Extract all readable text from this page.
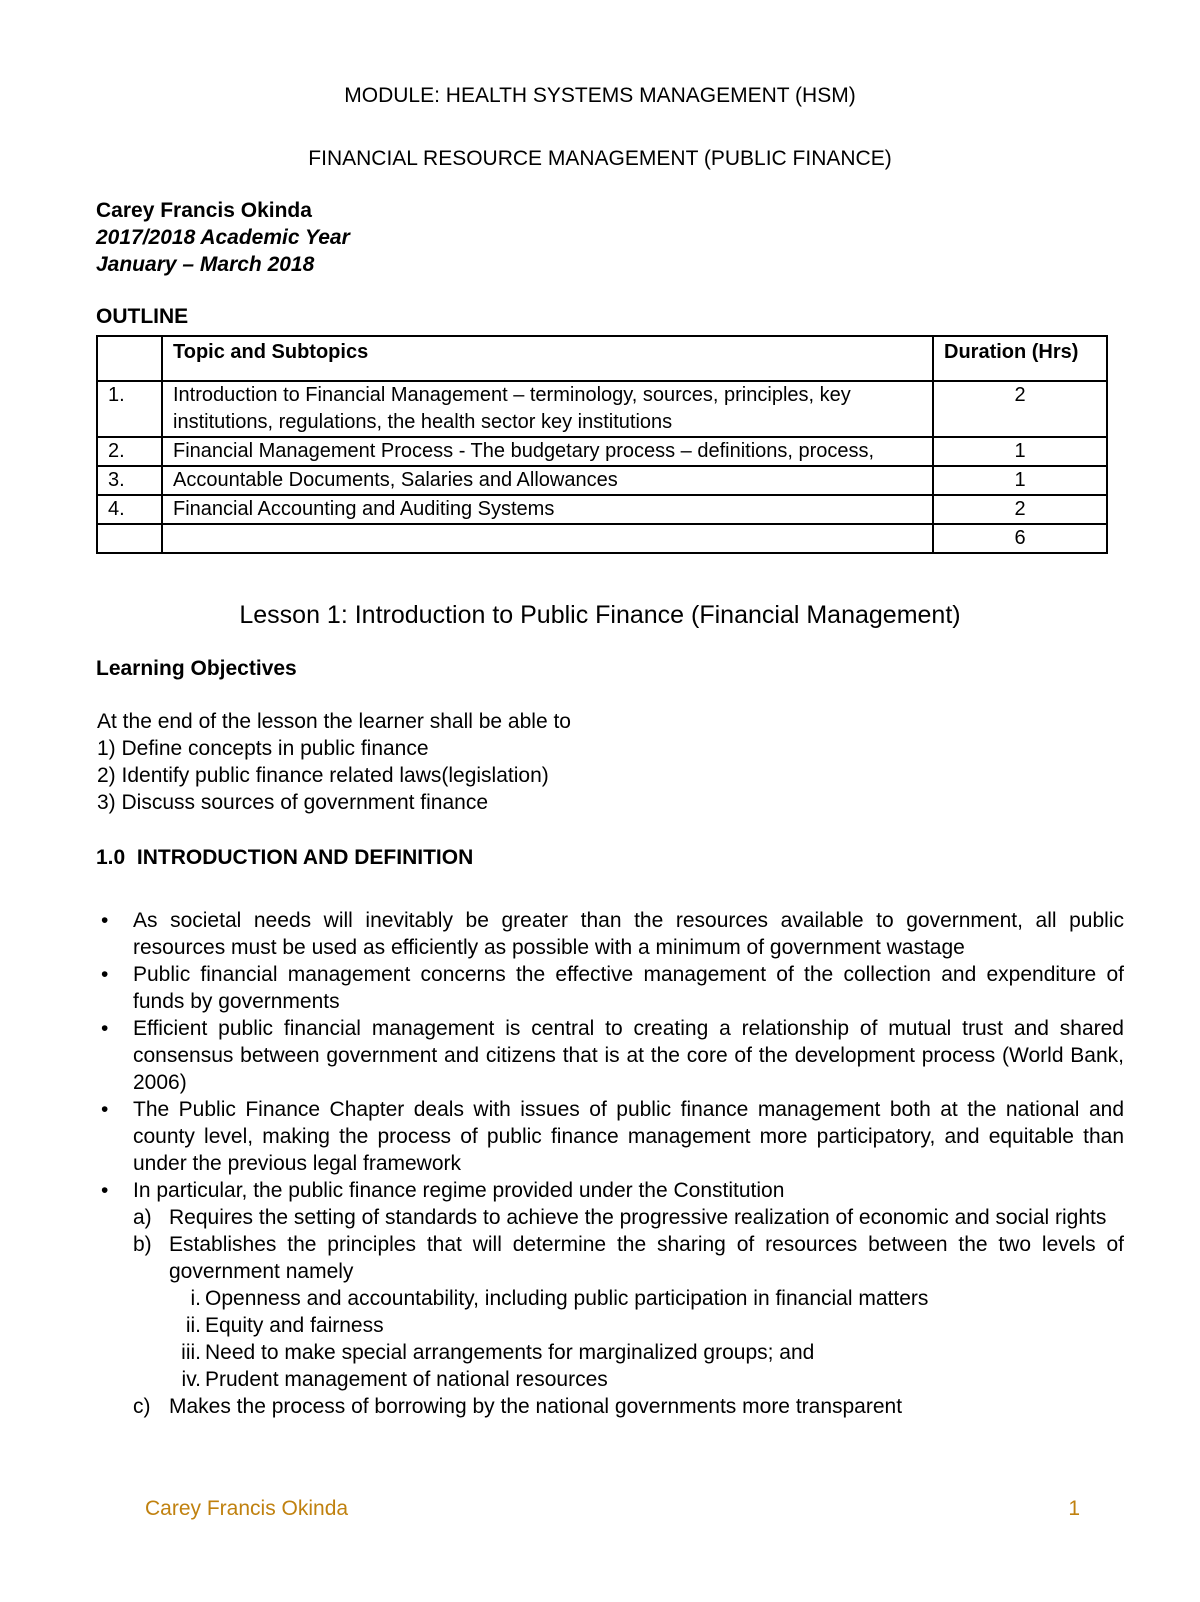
MODULE: HEALTH SYSTEMS MANAGEMENT (HSM)
FINANCIAL RESOURCE MANAGEMENT (PUBLIC FINANCE)
Carey Francis Okinda
2017/2018 Academic Year
January – March 2018
OUTLINE
	Topic and Subtopics	Duration (Hrs)
1.	Introduction to Financial Management – terminology, sources, principles, key institutions, regulations, the health sector key institutions	2
2.	Financial Management Process - The budgetary process – definitions, process,	1
3.	Accountable Documents, Salaries and Allowances	1
4.	Financial Accounting and Auditing Systems	2
		6
Lesson 1: Introduction to Public Finance (Financial Management)
Learning Objectives
At the end of the lesson the learner shall be able to
1) Define concepts in public finance
2) Identify public finance related laws(legislation)
3) Discuss sources of government finance
1.0 INTRODUCTION AND DEFINITION
• As societal needs will inevitably be greater than the resources available to government, all public resources must be used as efficiently as possible with a minimum of government wastage
• Public financial management concerns the effective management of the collection and expenditure of funds by governments
• Efficient public financial management is central to creating a relationship of mutual trust and shared consensus between government and citizens that is at the core of the development process (World Bank, 2006)
• The Public Finance Chapter deals with issues of public finance management both at the national and county level, making the process of public finance management more participatory, and equitable than under the previous legal framework
• In particular, the public finance regime provided under the Constitution
a) Requires the setting of standards to achieve the progressive realization of economic and social rights
b) Establishes the principles that will determine the sharing of resources between the two levels of government namely
i. Openness and accountability, including public participation in financial matters
ii. Equity and fairness
iii. Need to make special arrangements for marginalized groups; and
iv. Prudent management of national resources
c) Makes the process of borrowing by the national governments more transparent
Carey Francis Okinda	1
